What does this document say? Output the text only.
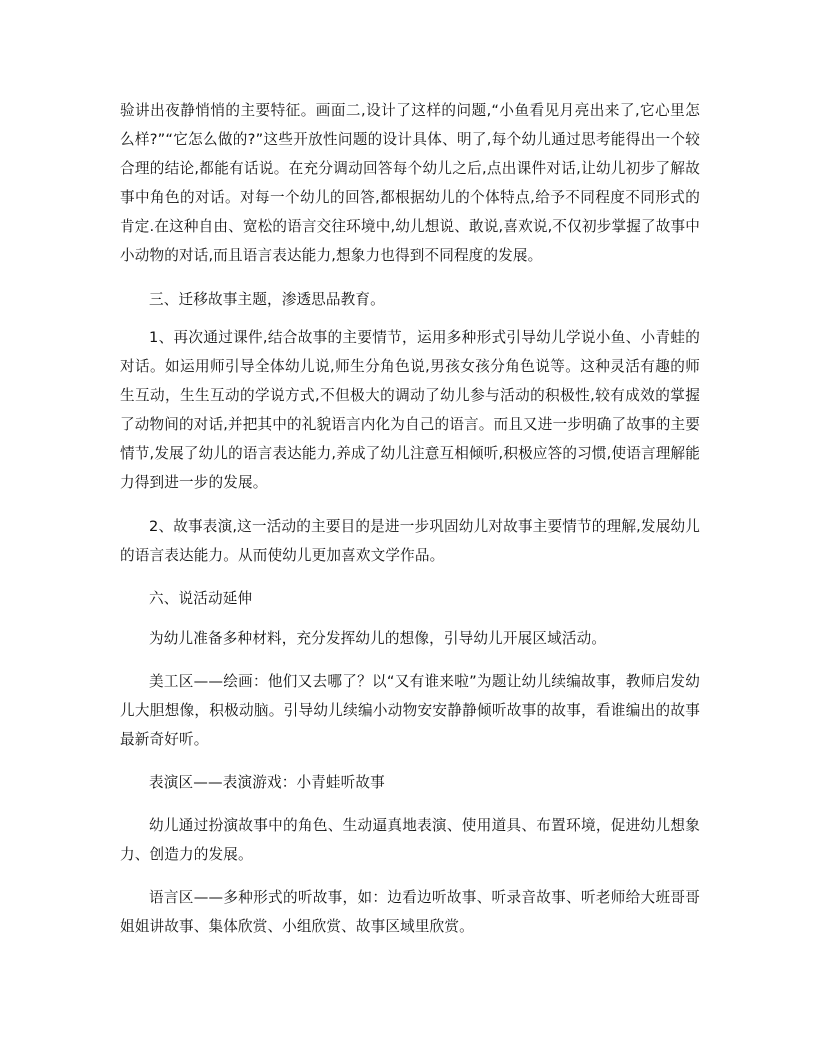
验讲出夜静悄悄的主要特征。画面二,设计了这样的问题,“小鱼看见月亮出来了,它心里怎么样?”“它怎么做的?”这些开放性问题的设计具体、明了,每个幼儿通过思考能得出一个较合理的结论,都能有话说。在充分调动回答每个幼儿之后,点出课件对话,让幼儿初步了解故事中角色的对话。对每一个幼儿的回答,都根据幼儿的个体特点,给予不同程度不同形式的肯定.在这种自由、宽松的语言交往环境中,幼儿想说、敢说,喜欢说,不仅初步掌握了故事中小动物的对话,而且语言表达能力,想象力也得到不同程度的发展。

三、迁移故事主题，渗透思品教育。

1、再次通过课件,结合故事的主要情节，运用多种形式引导幼儿学说小鱼、小青蛙的对话。如运用师引导全体幼儿说,师生分角色说,男孩女孩分角色说等。这种灵活有趣的师生互动，生生互动的学说方式,不但极大的调动了幼儿参与活动的积极性,较有成效的掌握了动物间的对话,并把其中的礼貌语言内化为自己的语言。而且又进一步明确了故事的主要情节,发展了幼儿的语言表达能力,养成了幼儿注意互相倾听,积极应答的习惯,使语言理解能力得到进一步的发展。

2、故事表演,这一活动的主要目的是进一步巩固幼儿对故事主要情节的理解,发展幼儿的语言表达能力。从而使幼儿更加喜欢文学作品。

六、说活动延伸

为幼儿准备多种材料，充分发挥幼儿的想像，引导幼儿开展区域活动。

美工区——绘画：他们又去哪了？以“又有谁来啦”为题让幼儿续编故事，教师启发幼儿大胆想像，积极动脑。引导幼儿续编小动物安安静静倾听故事的故事，看谁编出的故事最新奇好听。

表演区——表演游戏：小青蛙听故事

幼儿通过扮演故事中的角色、生动逼真地表演、使用道具、布置环境，促进幼儿想象力、创造力的发展。

语言区——多种形式的听故事，如：边看边听故事、听录音故事、听老师给大班哥哥姐姐讲故事、集体欣赏、小组欣赏、故事区域里欣赏。
